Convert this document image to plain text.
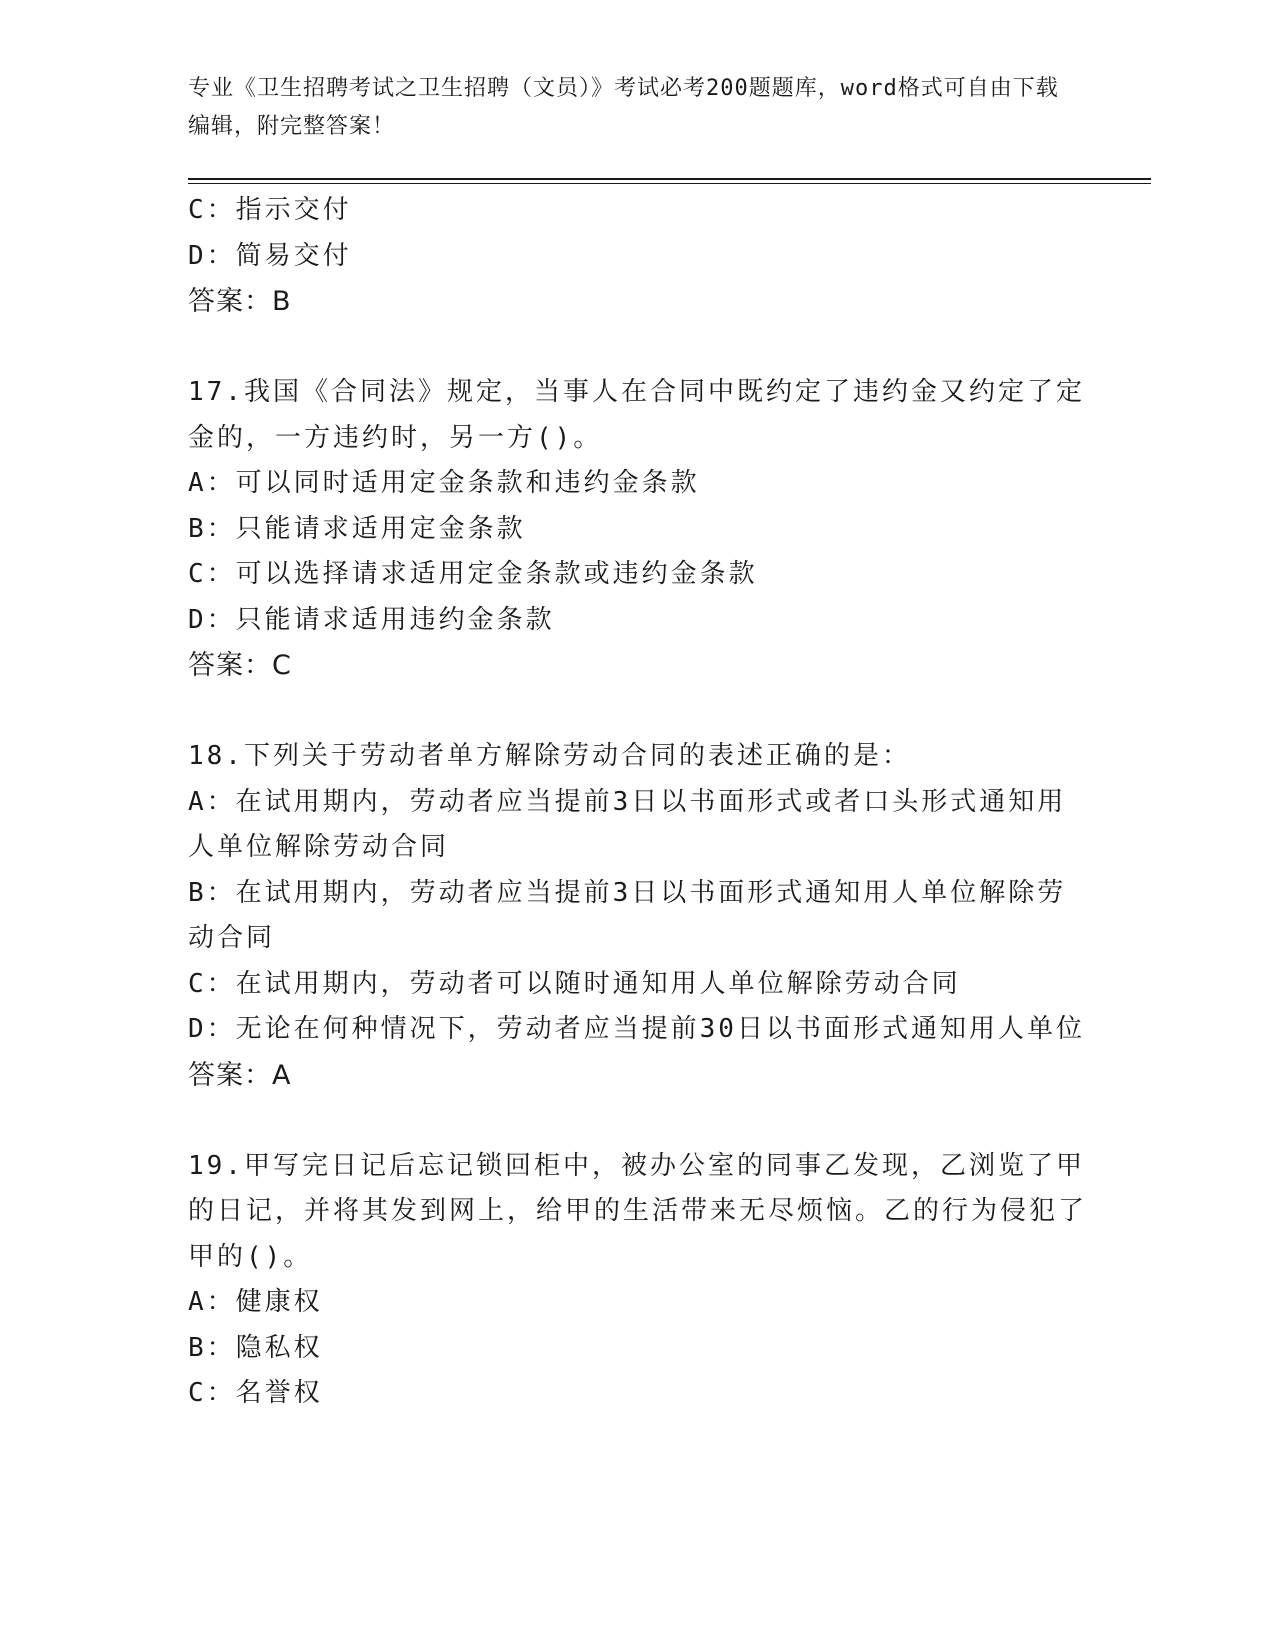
专业《卫生招聘考试之卫生招聘（文员）》考试必考200题题库，word格式可自由下载编辑，附完整答案！
C：指示交付
D：简易交付
答案：B
17.我国《合同法》规定，当事人在合同中既约定了违约金又约定了定金的，一方违约时，另一方()。
A：可以同时适用定金条款和违约金条款
B：只能请求适用定金条款
C：可以选择请求适用定金条款或违约金条款
D：只能请求适用违约金条款
答案：C
18.下列关于劳动者单方解除劳动合同的表述正确的是：
A：在试用期内，劳动者应当提前3日以书面形式或者口头形式通知用人单位解除劳动合同
B：在试用期内，劳动者应当提前3日以书面形式通知用人单位解除劳动合同
C：在试用期内，劳动者可以随时通知用人单位解除劳动合同
D：无论在何种情况下，劳动者应当提前30日以书面形式通知用人单位
答案：A
19.甲写完日记后忘记锁回柜中，被办公室的同事乙发现，乙浏览了甲的日记，并将其发到网上，给甲的生活带来无尽烦恼。乙的行为侵犯了甲的()。
A：健康权
B：隐私权
C：名誉权
